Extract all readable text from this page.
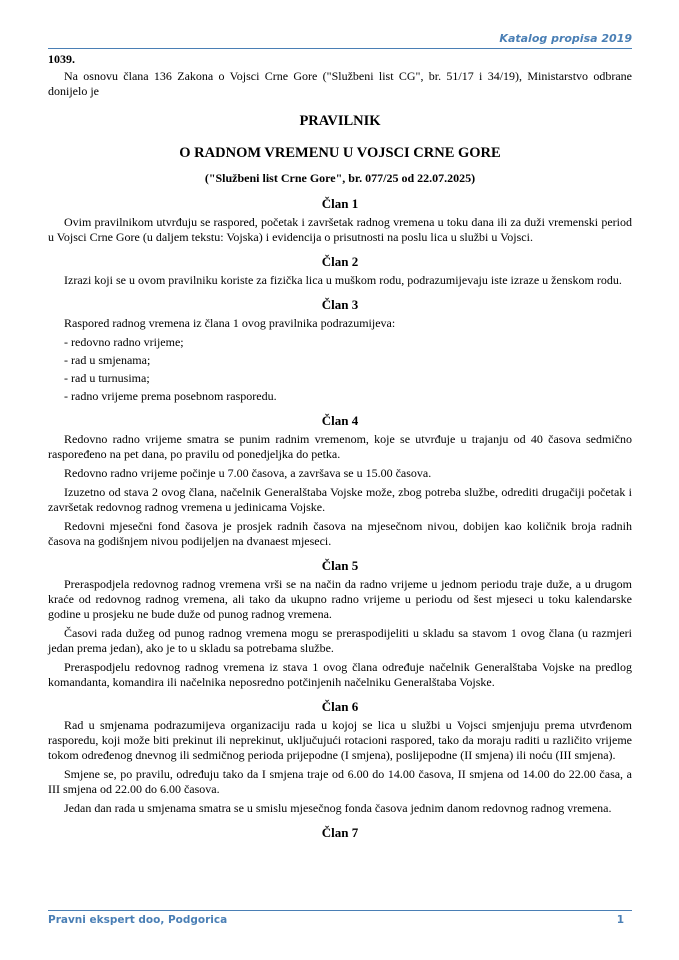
Katalog propisa 2019

1039.

Na osnovu člana 136 Zakona o Vojsci Crne Gore ("Službeni list CG", br. 51/17 i 34/19), Ministarstvo odbrane donijelo je

PRAVILNIK
O RADNOM VREMENU U VOJSCI CRNE GORE
("Službeni list Crne Gore", br. 077/25 od 22.07.2025)
Član 1

Ovim pravilnikom utvrđuju se raspored, početak i završetak radnog vremena u toku dana ili za duži vremenski period u Vojsci Crne Gore (u daljem tekstu: Vojska) i evidencija o prisutnosti na poslu lica u službi u Vojsci.

Član 2

Izrazi koji se u ovom pravilniku koriste za fizička lica u muškom rodu, podrazumijevaju iste izraze u ženskom rodu.

Član 3

Raspored radnog vremena iz člana 1 ovog pravilnika podrazumijeva:

- redovno radno vrijeme;

- rad u smjenama;

- rad u turnusima;

- radno vrijeme prema posebnom rasporedu.

Član 4

Redovno radno vrijeme smatra se punim radnim vremenom, koje se utvrđuje u trajanju od 40 časova sedmično raspoređeno na pet dana, po pravilu od ponedjeljka do petka.

Redovno radno vrijeme počinje u 7.00 časova, a završava se u 15.00 časova.

Izuzetno od stava 2 ovog člana, načelnik Generalštaba Vojske može, zbog potreba službe, odrediti drugačiji početak i završetak redovnog radnog vremena u jedinicama Vojske.

Redovni mjesečni fond časova je prosjek radnih časova na mjesečnom nivou, dobijen kao količnik broja radnih časova na godišnjem nivou podijeljen na dvanaest mjeseci.

Član 5

Preraspodjela redovnog radnog vremena vrši se na način da radno vrijeme u jednom periodu traje duže, a u drugom kraće od redovnog radnog vremena, ali tako da ukupno radno vrijeme u periodu od šest mjeseci u toku kalendarske godine u prosjeku ne bude duže od punog radnog vremena.

Časovi rada dužeg od punog radnog vremena mogu se preraspodijeliti u skladu sa stavom 1 ovog člana (u razmjeri jedan prema jedan), ako je to u skladu sa potrebama službe.

Preraspodjelu redovnog radnog vremena iz stava 1 ovog člana određuje načelnik Generalštaba Vojske na predlog komandanta, komandira ili načelnika neposredno potčinjenih načelniku Generalštaba Vojske.

Član 6

Rad u smjenama podrazumijeva organizaciju rada u kojoj se lica u službi u Vojsci smjenjuju prema utvrđenom rasporedu, koji može biti prekinut ili neprekinut, uključujući rotacioni raspored, tako da moraju raditi u različito vrijeme tokom određenog dnevnog ili sedmičnog perioda prijepodne (I smjena), poslijepodne (II smjena) ili noću (III smjena).

Smjene se, po pravilu, određuju tako da I smjena traje od 6.00 do 14.00 časova, II smjena od 14.00 do 22.00 časa, a III smjena od 22.00 do 6.00 časova.

Jedan dan rada u smjenama smatra se u smislu mjesečnog fonda časova jednim danom redovnog radnog vremena.

Član 7
Pravni ekspert doo, Podgorica	1
